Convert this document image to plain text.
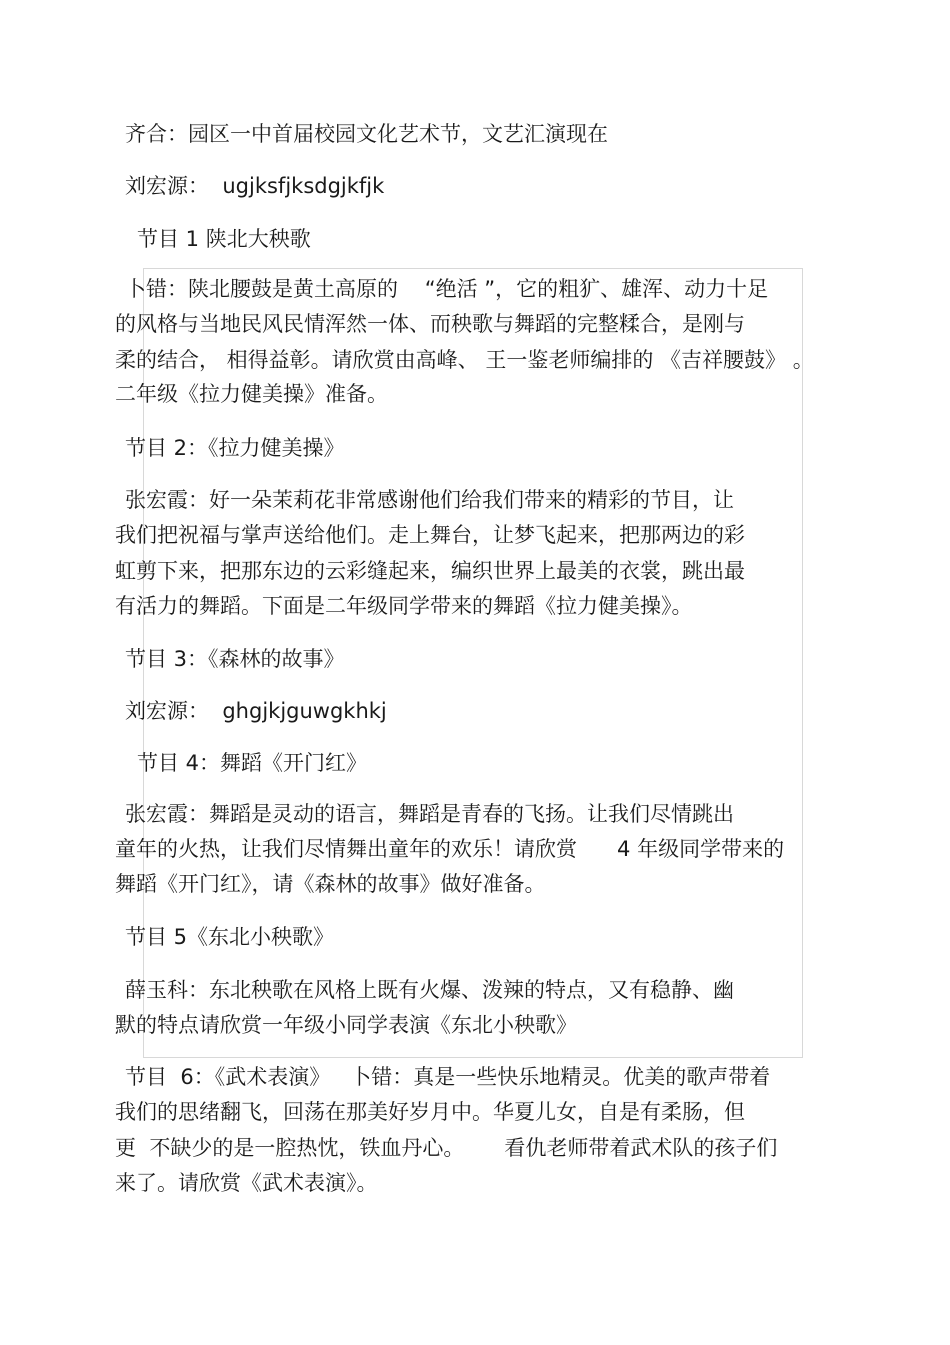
齐合：园区一中首届校园文化艺术节，文艺汇演现在
刘宏源：  ugjksfjksdgjkfjk
节目 1 陕北大秧歌
卜错：陕北腰鼓是黄土高原的    “绝活 ”，它的粗犷、雄浑、动力十足
的风格与当地民风民情浑然一体、而秧歌与舞蹈的完整糅合，是刚与
柔的结合， 相得益彰。请欣赏由高峰、 王一鉴老师编排的 《吉祥腰鼓》 。
二年级《拉力健美操》准备。
节目 2：《拉力健美操》
张宏霞：好一朵茉莉花非常感谢他们给我们带来的精彩的节目，让
我们把祝福与掌声送给他们。走上舞台，让梦飞起来，把那两边的彩
虹剪下来，把那东边的云彩缝起来，编织世界上最美的衣裳，跳出最
有活力的舞蹈。下面是二年级同学带来的舞蹈《拉力健美操》。
节目 3：《森林的故事》
刘宏源：  ghgjkjguwgkhkj
节目 4：舞蹈《开门红》
张宏霞：舞蹈是灵动的语言，舞蹈是青春的飞扬。让我们尽情跳出
童年的火热，让我们尽情舞出童年的欢乐！请欣赏      4 年级同学带来的
舞蹈《开门红》，请《森林的故事》做好准备。
节目 5《东北小秧歌》
薛玉科：东北秧歌在风格上既有火爆、泼辣的特点，又有稳静、幽
默的特点请欣赏一年级小同学表演《东北小秧歌》
节目  6：《武术表演》   卜错：真是一些快乐地精灵。优美的歌声带着
我们的思绪翻飞，回荡在那美好岁月中。华夏儿女，自是有柔肠，但
更  不缺少的是一腔热忱，铁血丹心。      看仇老师带着武术队的孩子们
来了。请欣赏《武术表演》。
